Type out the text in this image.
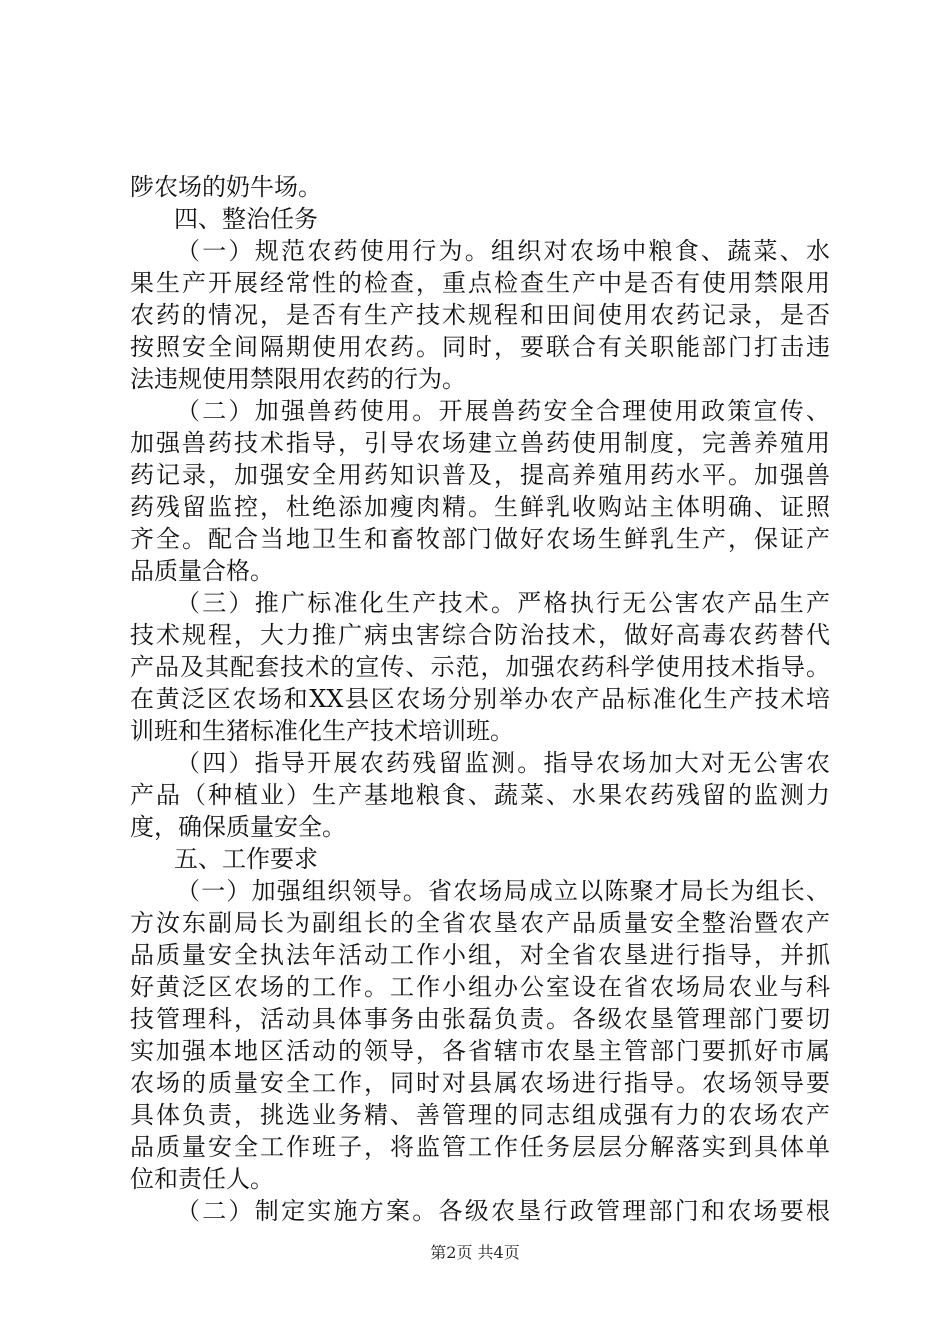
陟农场的奶牛场。
四、整治任务
（一）规范农药使用行为。组织对农场中粮食、蔬菜、水
果生产开展经常性的检查，重点检查生产中是否有使用禁限用
农药的情况，是否有生产技术规程和田间使用农药记录，是否
按照安全间隔期使用农药。同时，要联合有关职能部门打击违
法违规使用禁限用农药的行为。
（二）加强兽药使用。开展兽药安全合理使用政策宣传、
加强兽药技术指导，引导农场建立兽药使用制度，完善养殖用
药记录，加强安全用药知识普及，提高养殖用药水平。加强兽
药残留监控，杜绝添加瘦肉精。生鲜乳收购站主体明确、证照
齐全。配合当地卫生和畜牧部门做好农场生鲜乳生产，保证产
品质量合格。
（三）推广标准化生产技术。严格执行无公害农产品生产
技术规程，大力推广病虫害综合防治技术，做好高毒农药替代
产品及其配套技术的宣传、示范，加强农药科学使用技术指导。
在黄泛区农场和XX县区农场分别举办农产品标准化生产技术培
训班和生猪标准化生产技术培训班。
（四）指导开展农药残留监测。指导农场加大对无公害农
产品（种植业）生产基地粮食、蔬菜、水果农药残留的监测力
度，确保质量安全。
五、工作要求
（一）加强组织领导。省农场局成立以陈聚才局长为组长、
方汝东副局长为副组长的全省农垦农产品质量安全整治暨农产
品质量安全执法年活动工作小组，对全省农垦进行指导，并抓
好黄泛区农场的工作。工作小组办公室设在省农场局农业与科
技管理科，活动具体事务由张磊负责。各级农垦管理部门要切
实加强本地区活动的领导，各省辖市农垦主管部门要抓好市属
农场的质量安全工作，同时对县属农场进行指导。农场领导要
具体负责，挑选业务精、善管理的同志组成强有力的农场农产
品质量安全工作班子，将监管工作任务层层分解落实到具体单
位和责任人。
（二）制定实施方案。各级农垦行政管理部门和农场要根
第2页 共4页
